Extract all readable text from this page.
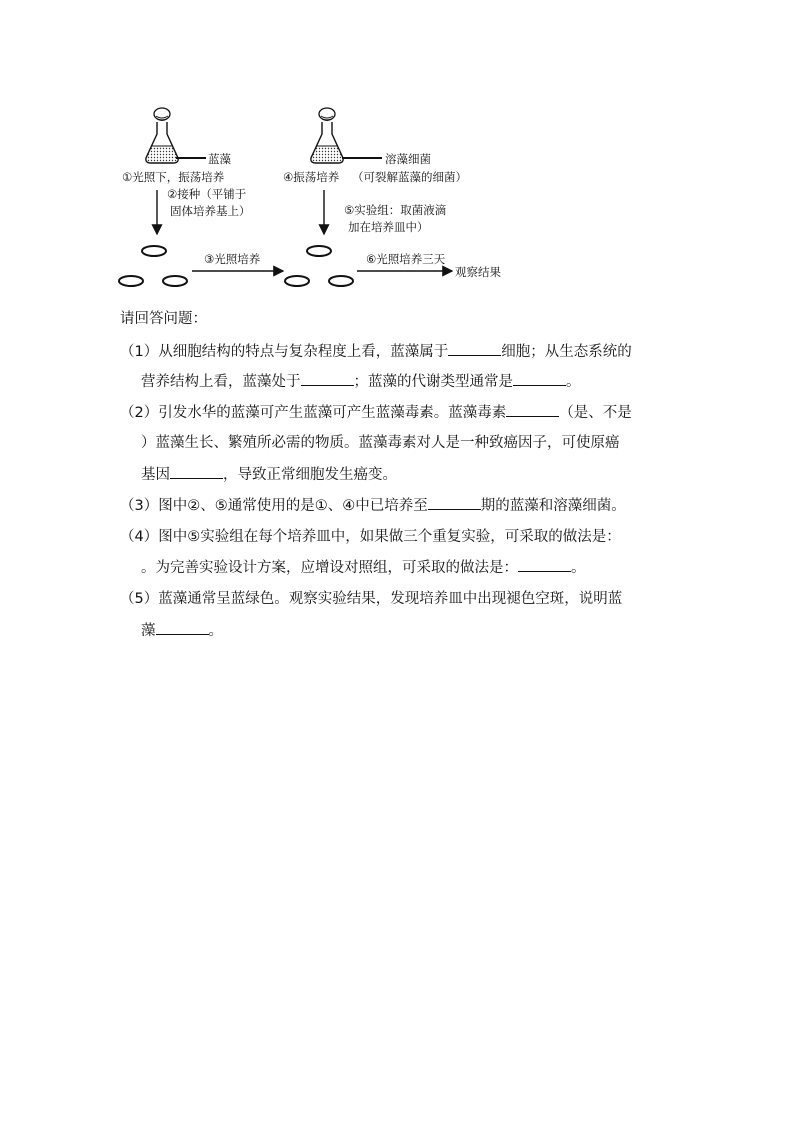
蓝藻
①光照下，振荡培养
②接种（平铺于
固体培养基上）
③光照培养
溶藻细菌
④振荡培养 （可裂解蓝藻的细菌）
⑤实验组：取菌液滴
加在培养皿中）
⑥光照培养三天
观察结果
请回答问题：
（1）从细胞结构的特点与复杂程度上看，蓝藻属于	细胞；从生态系统的
营养结构上看，蓝藻处于	；蓝藻的代谢类型通常是	。
（2）引发水华的蓝藻可产生蓝藻可产生蓝藻毒素。蓝藻毒素	（是、不是
）蓝藻生长、繁殖所必需的物质。蓝藻毒素对人是一种致癌因子，可使原癌
基因	，导致正常细胞发生癌变。
（3）图中②、⑤通常使用的是①、④中已培养至	期的蓝藻和溶藻细菌。
（4）图中⑤实验组在每个培养皿中，如果做三个重复实验，可采取的做法是：
。为完善实验设计方案，应增设对照组，可采取的做法是：	。
（5）蓝藻通常呈蓝绿色。观察实验结果，发现培养皿中出现褪色空斑，说明蓝
藻	。
